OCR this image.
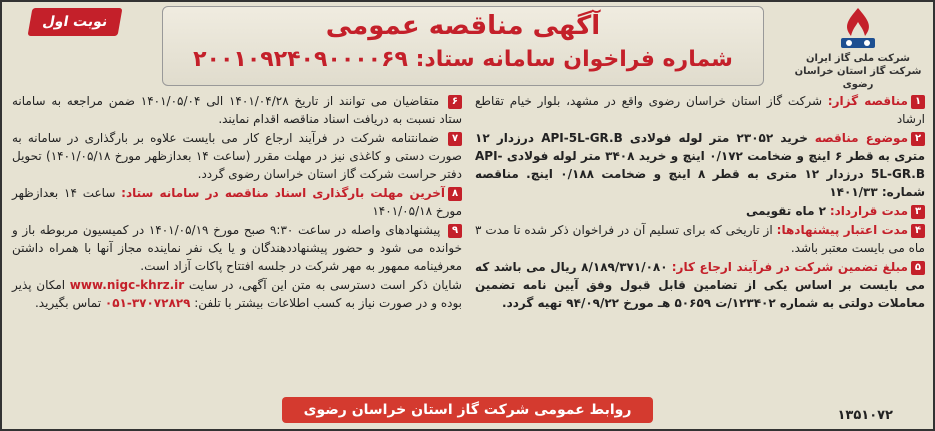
نوبت اول	آگهی مناقصه عمومی
شماره فراخوان سامانه ستاد: ۲۰۰۱۰۹۲۴۰۹۰۰۰۰۶۹	شرکت ملی گاز ایران
شرکت گاز استان خراسان رضوی
۱مناقصه گزار: شرکت گاز استان خراسان رضوی واقع در مشهد، بلوار خیام تقاطع ارشاد
۲موضوع مناقصه خرید ۲۳۰۵۲ متر لوله فولادی API-5L-GR.B درزدار ۱۲ متری به قطر ۶ اینچ و ضخامت ۰/۱۷۲ اینچ و خرید ۳۴۰۸ متر لوله فولادی API-5L-GR.B درزدار ۱۲ متری به قطر ۸ اینچ و ضخامت ۰/۱۸۸ اینچ. مناقصه شماره: ۱۴۰۱/۳۳
۳مدت قرارداد: ۲ ماه تقویمی
۴مدت اعتبار پیشنهادها: از تاریخی که برای تسلیم آن در فراخوان ذکر شده تا مدت ۳ ماه می بایست معتبر باشد.
۵مبلغ تضمین شرکت در فرآیند ارجاع کار: ۸/۱۸۹/۳۷۱/۰۸۰ ریال می باشد که می بایست بر اساس یکی از تضامین قابل قبول وفق آیین نامه تضمین معاملات دولتی به شماره ۱۲۳۴۰۲/ت ۵۰۶۵۹ هـ مورخ ۹۴/۰۹/۲۲ تهیه گردد.
۶ متقاضیان می توانند از تاریخ ۱۴۰۱/۰۴/۲۸ الی ۱۴۰۱/۰۵/۰۴ ضمن مراجعه به سامانه ستاد نسبت به دریافت اسناد مناقصه اقدام نمایند.
۷ ضمانتنامه شرکت در فرآیند ارجاع کار می بایست علاوه بر بارگذاری در سامانه به صورت دستی و کاغذی نیز در مهلت مقرر (ساعت ۱۴ بعدازظهر مورخ ۱۴۰۱/۰۵/۱۸) تحویل دفتر حراست شرکت گاز استان خراسان رضوی گردد.
۸آخرین مهلت بارگذاری اسناد مناقصه در سامانه ستاد: ساعت ۱۴ بعدازظهر مورخ ۱۴۰۱/۰۵/۱۸
۹ پیشنهادهای واصله در ساعت ۹:۳۰ صبح مورخ ۱۴۰۱/۰۵/۱۹ در کمیسیون مربوطه باز و خوانده می شود و حضور پیشنهاددهندگان و یا یک نفر نماینده مجاز آنها با همراه داشتن معرفینامه ممهور به مهر شرکت در جلسه افتتاح پاکات آزاد است.
شایان ذکر است دسترسی به متن این آگهی، در سایت www.nigc-khrz.ir امکان پذیر بوده و در صورت نیاز به کسب اطلاعات بیشتر با تلفن: ۰۵۱-۳۷۰۷۲۸۲۹ تماس بگیرید.
روابط عمومی شرکت گاز استان خراسان رضوی	۱۳۵۱۰۷۲
